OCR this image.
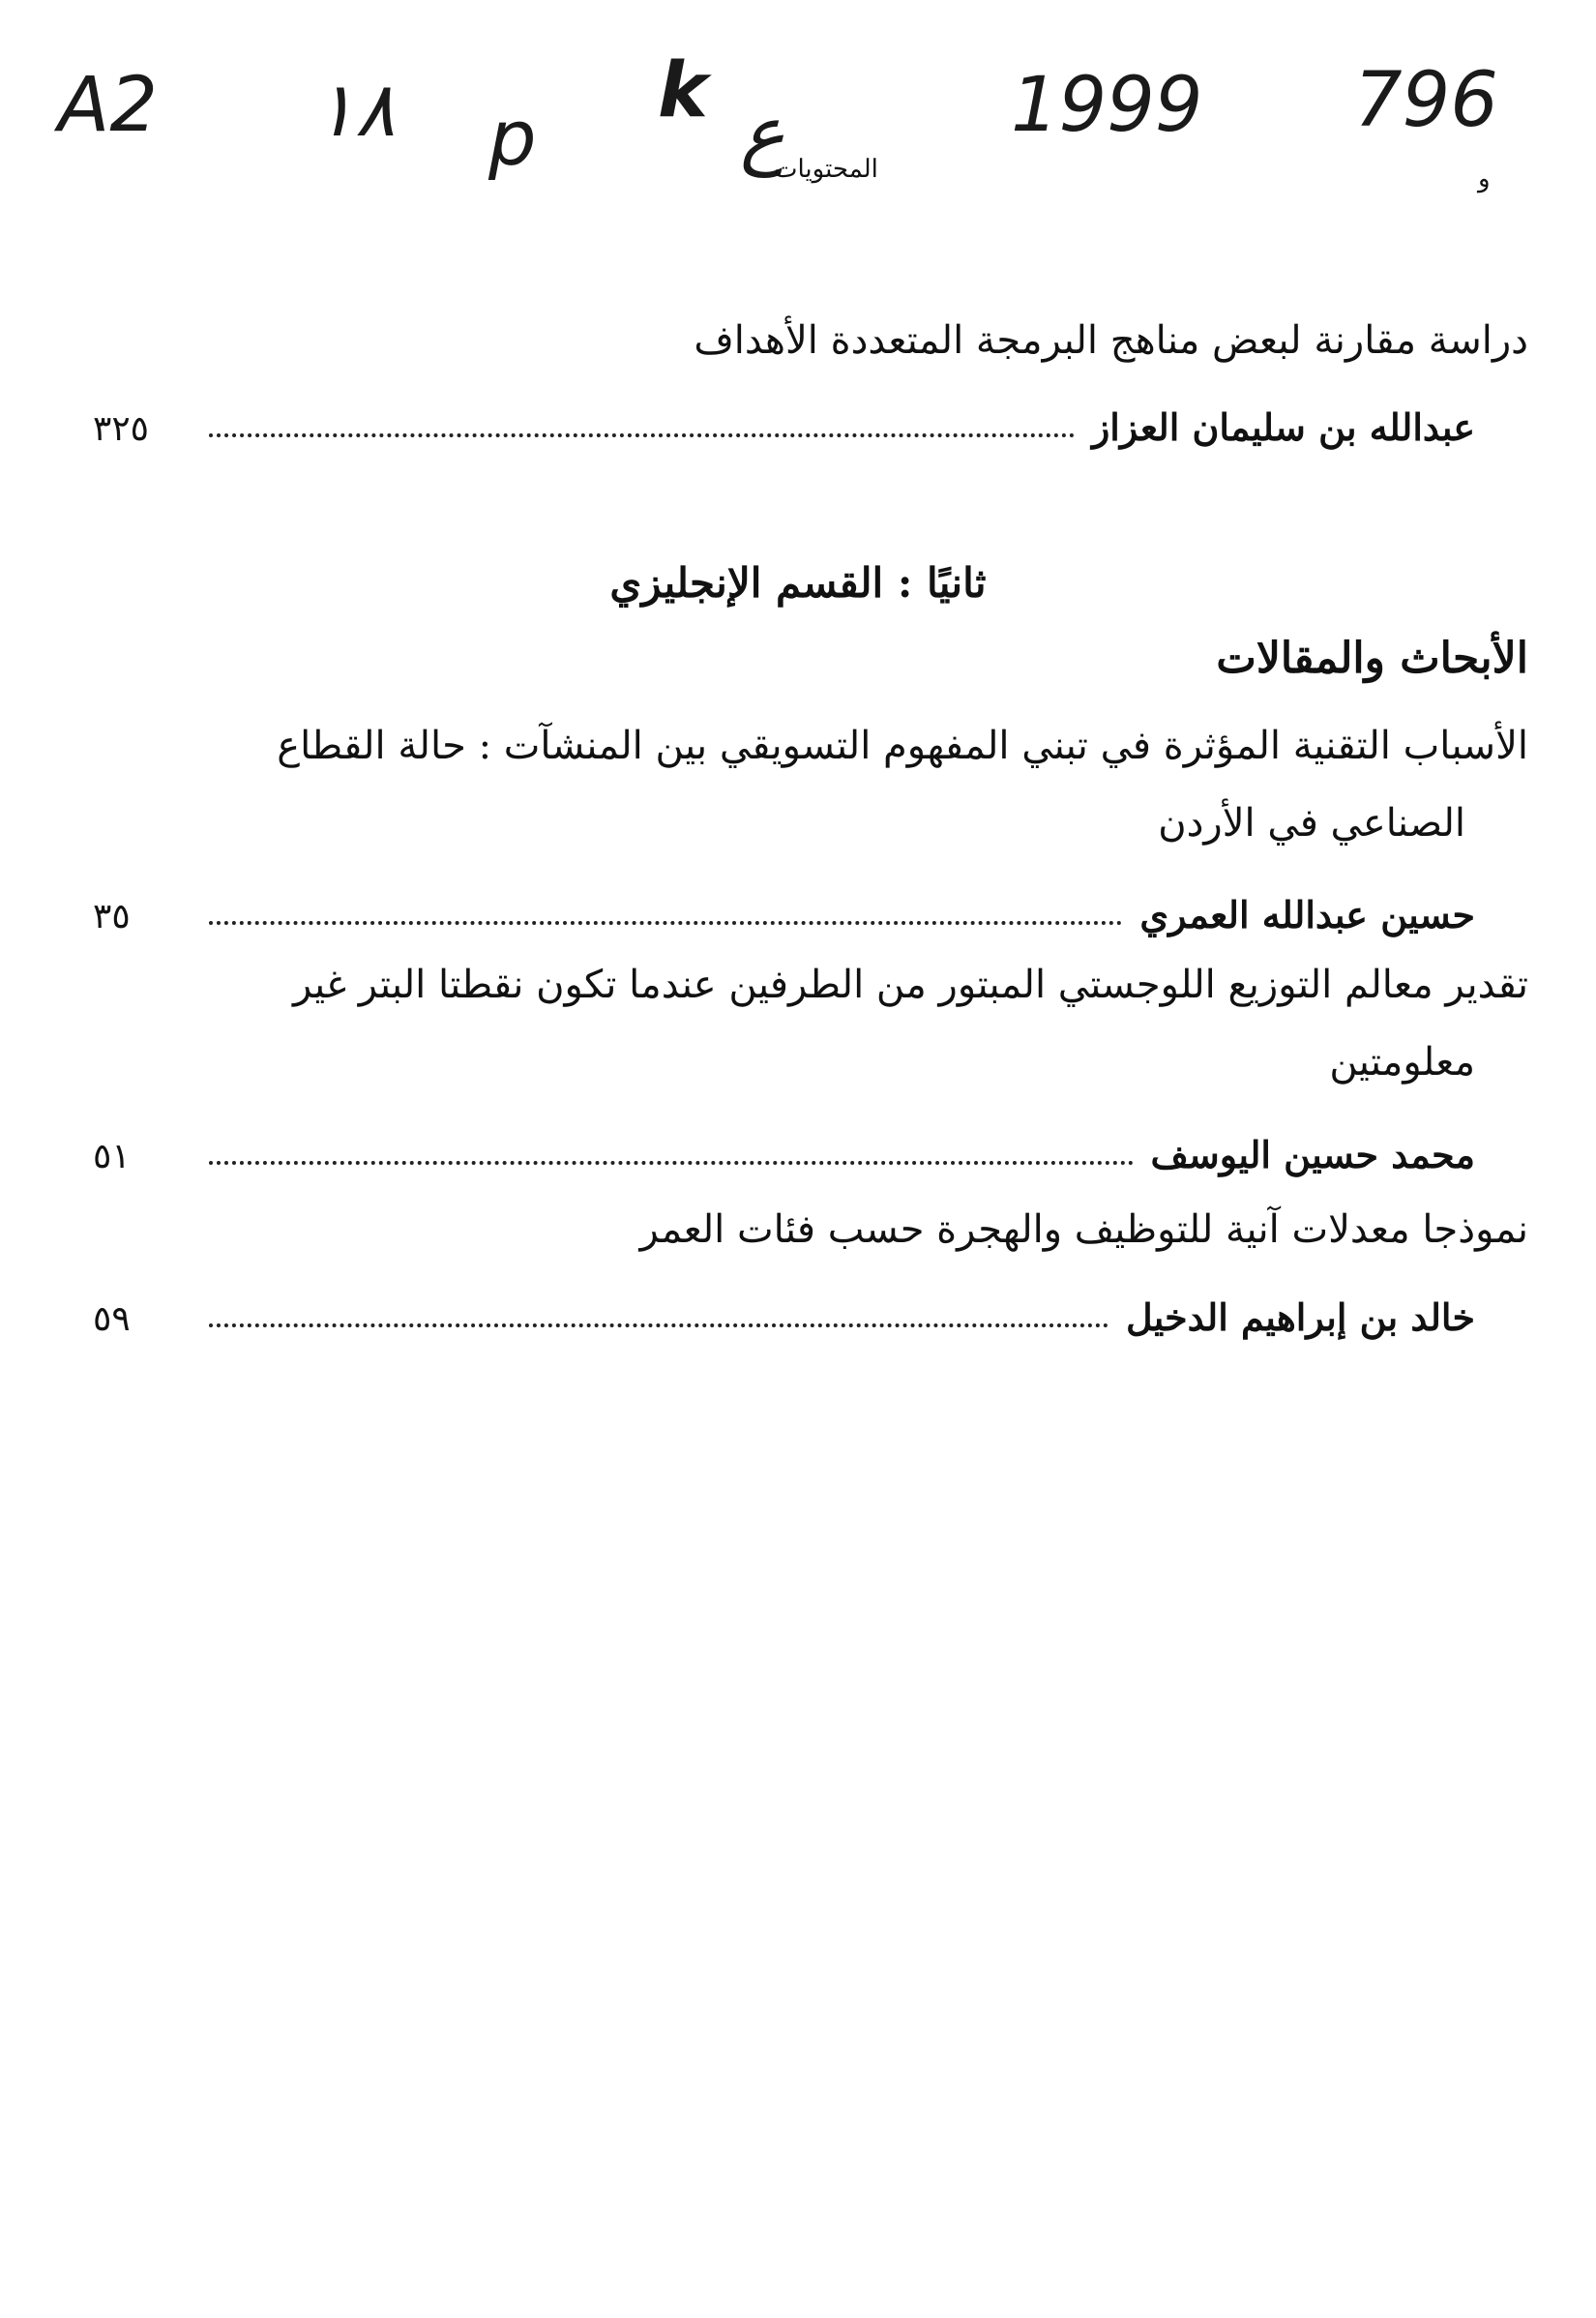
A2 ١٨ p
k ع	1999 796
المحتويات	و
دراسة مقارنة لبعض مناهج البرمجة المتعددة الأهداف
عبدالله بن سليمان العزاز
٣٢٥
ثانيًا : القسم الإنجليزي
الأبحاث والمقالات
الأسباب التقنية المؤثرة في تبني المفهوم التسويقي بين المنشآت : حالة القطاع
الصناعي في الأردن
حسين عبدالله العمري
٣٥
تقدير معالم التوزيع اللوجستي المبتور من الطرفين عندما تكون نقطتا البتر غير
معلومتين
محمد حسين اليوسف
٥١
نموذجا معدلات آنية للتوظيف والهجرة حسب فئات العمر
خالد بن إبراهيم الدخيل
٥٩
